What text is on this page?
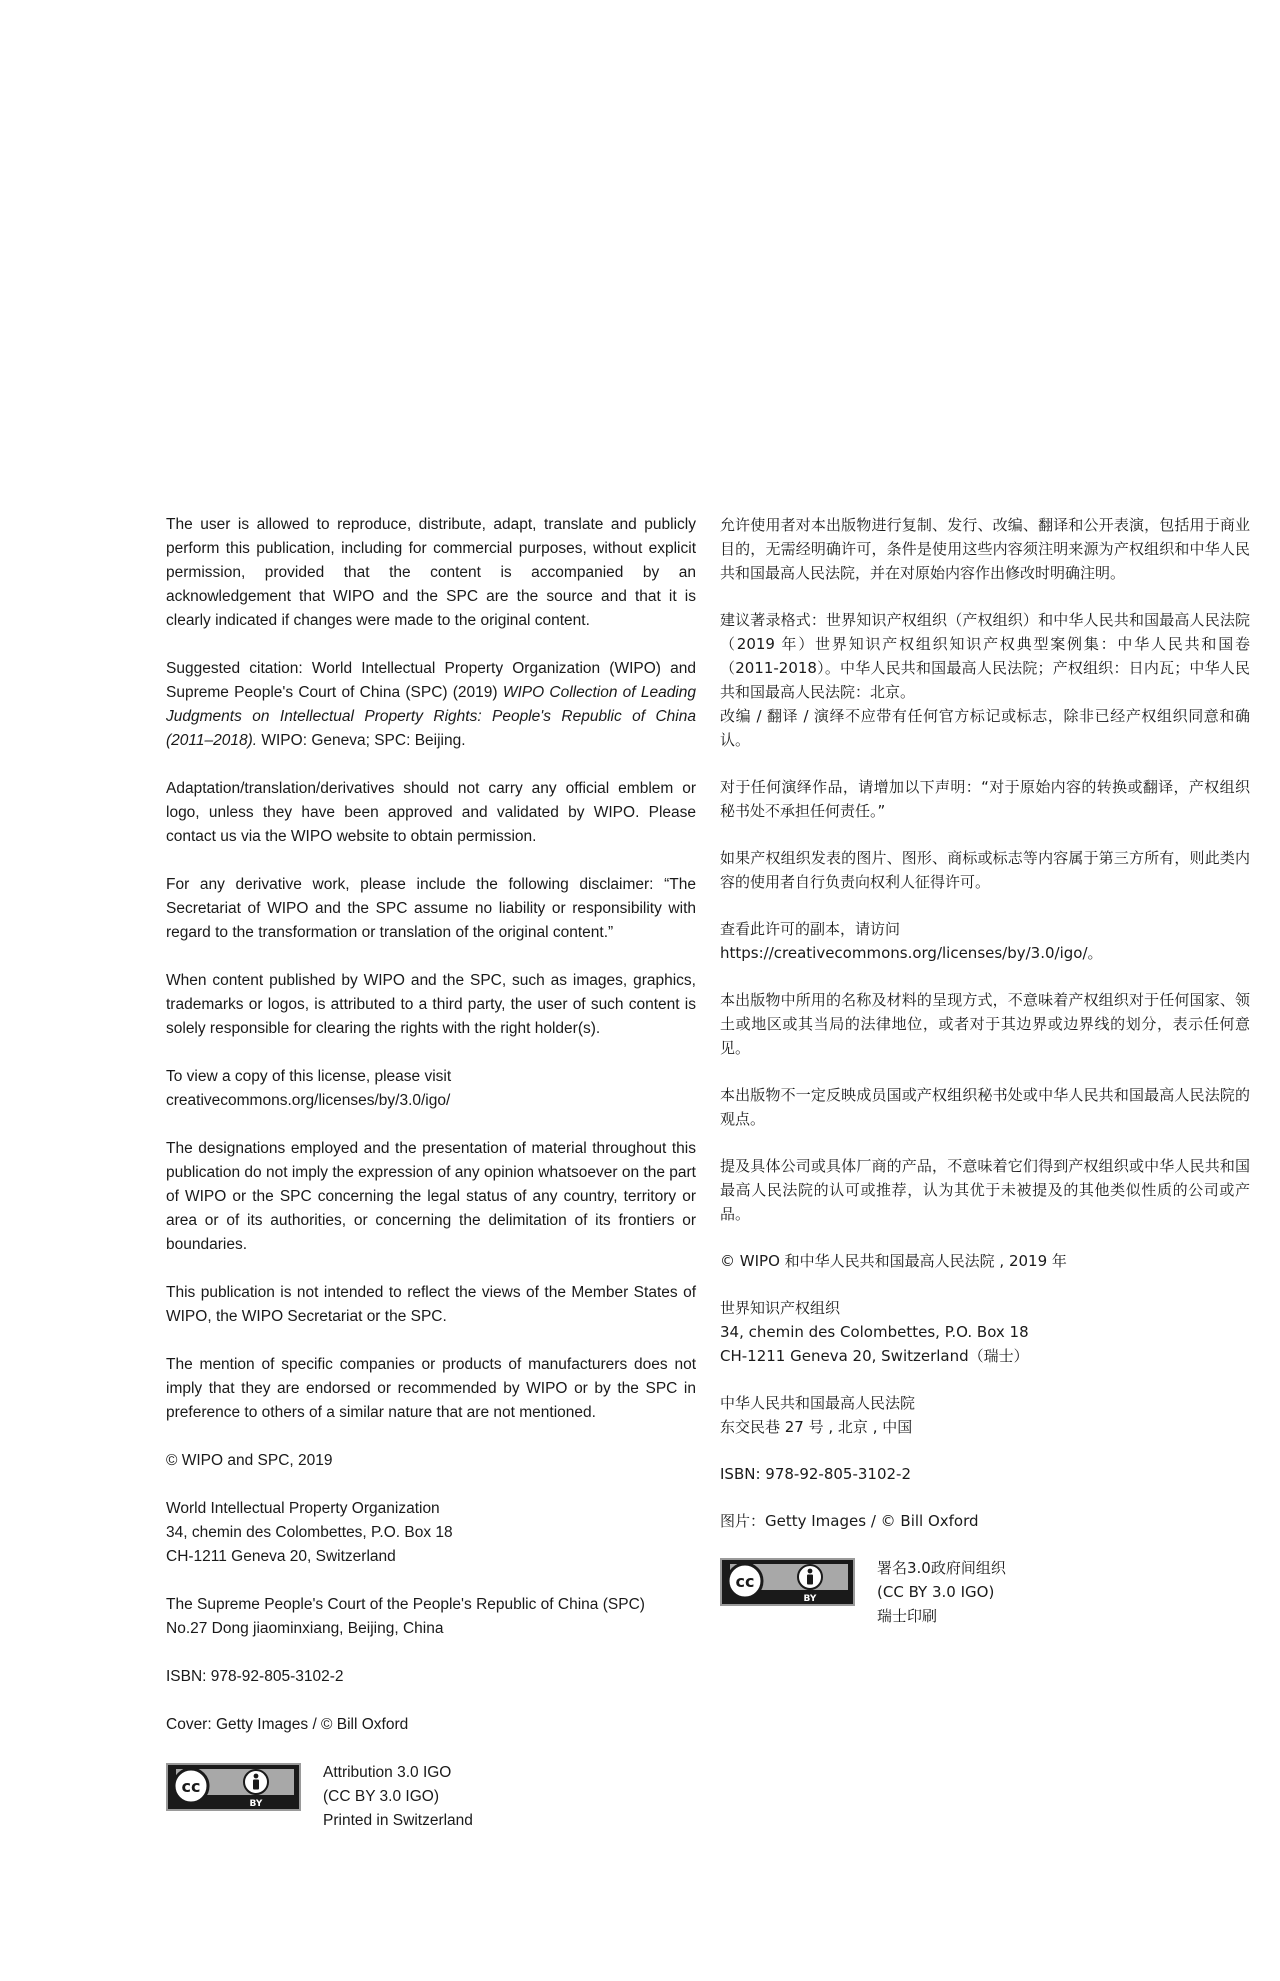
The user is allowed to reproduce, distribute, adapt, translate and publicly perform this publication, including for commercial purposes, without explicit permission, provided that the content is accompanied by an acknowledgement that WIPO and the SPC are the source and that it is clearly indicated if changes were made to the original content.

Suggested citation: World Intellectual Property Organization (WIPO) and Supreme People's Court of China (SPC) (2019) WIPO Collection of Leading Judgments on Intellectual Property Rights: People's Republic of China (2011–2018). WIPO: Geneva; SPC: Beijing.

Adaptation/translation/derivatives should not carry any official emblem or logo, unless they have been approved and validated by WIPO. Please contact us via the WIPO website to obtain permission.

For any derivative work, please include the following disclaimer: “The Secretariat of WIPO and the SPC assume no liability or responsibility with regard to the transformation or translation of the original content.”

When content published by WIPO and the SPC, such as images, graphics, trademarks or logos, is attributed to a third party, the user of such content is solely responsible for clearing the rights with the right holder(s).

To view a copy of this license, please visit
creativecommons.org/licenses/by/3.0/igo/

The designations employed and the presentation of material throughout this publication do not imply the expression of any opinion whatsoever on the part of WIPO or the SPC concerning the legal status of any country, territory or area or of its authorities, or concerning the delimitation of its frontiers or boundaries.

This publication is not intended to reflect the views of the Member States of WIPO, the WIPO Secretariat or the SPC.

The mention of specific companies or products of manufacturers does not imply that they are endorsed or recommended by WIPO or by the SPC in preference to others of a similar nature that are not mentioned.

© WIPO and SPC, 2019

World Intellectual Property Organization
34, chemin des Colombettes, P.O. Box 18
CH-1211 Geneva 20, Switzerland

The Supreme People's Court of the People's Republic of China (SPC)
No.27 Dong jiaominxiang, Beijing, China

ISBN: 978-92-805-3102-2

Cover: Getty Images / © Bill Oxford

cc
BY
Attribution 3.0 IGO
(CC BY 3.0 IGO)
Printed in Switzerland

允许使用者对本出版物进行复制、发行、改编、翻译和公开表演，包括用于商业目的，无需经明确许可，条件是使用这些内容须注明来源为产权组织和中华人民共和国最高人民法院，并在对原始内容作出修改时明确注明。

建议著录格式：世界知识产权组织（产权组织）和中华人民共和国最高人民法院（2019 年）世界知识产权组织知识产权典型案例集：中华人民共和国卷（2011-2018）。中华人民共和国最高人民法院；产权组织：日内瓦；中华人民共和国最高人民法院：北京。

改编 / 翻译 / 演绎不应带有任何官方标记或标志，除非已经产权组织同意和确认。

对于任何演绎作品，请增加以下声明：“对于原始内容的转换或翻译，产权组织秘书处不承担任何责任。”

如果产权组织发表的图片、图形、商标或标志等内容属于第三方所有，则此类内容的使用者自行负责向权利人征得许可。

查看此许可的副本，请访问
https://creativecommons.org/licenses/by/3.0/igo/。

本出版物中所用的名称及材料的呈现方式，不意味着产权组织对于任何国家、领土或地区或其当局的法律地位，或者对于其边界或边界线的划分，表示任何意见。

本出版物不一定反映成员国或产权组织秘书处或中华人民共和国最高人民法院的观点。

提及具体公司或具体厂商的产品，不意味着它们得到产权组织或中华人民共和国最高人民法院的认可或推荐，认为其优于未被提及的其他类似性质的公司或产品。

© WIPO 和中华人民共和国最高人民法院 , 2019 年

世界知识产权组织
34, chemin des Colombettes, P.O. Box 18
CH-1211 Geneva 20, Switzerland（瑞士）

中华人民共和国最高人民法院
东交民巷 27 号 , 北京 , 中国

ISBN: 978-92-805-3102-2

图片：Getty Images / © Bill Oxford

cc
BY
署名3.0政府间组织
(CC BY 3.0 IGO)
瑞士印刷
